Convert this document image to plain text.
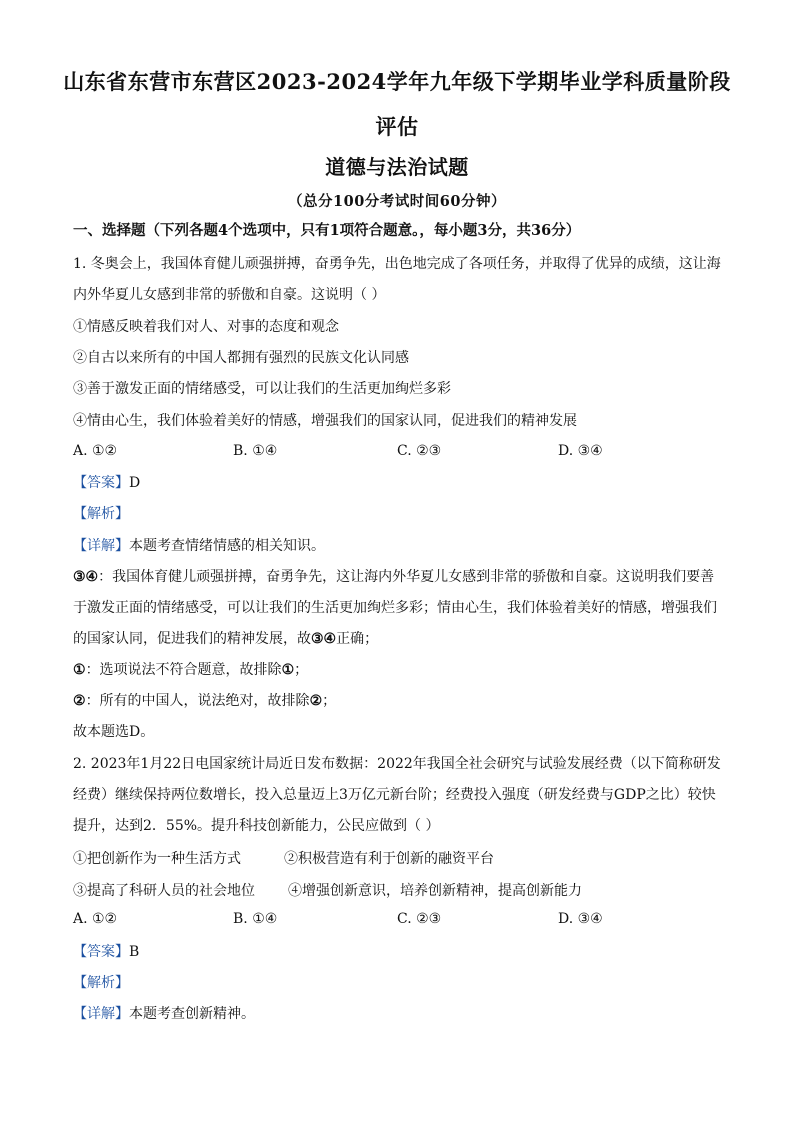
山东省东营市东营区2023-2024学年九年级下学期毕业学科质量阶段
评估
道德与法治试题
（总分100分考试时间60分钟）
一、选择题（下列各题4个选项中，只有1项符合题意。，每小题3分，共36分）
1. 冬奥会上，我国体育健儿顽强拼搏，奋勇争先，出色地完成了各项任务，并取得了优异的成绩，这让海
内外华夏儿女感到非常的骄傲和自豪。这说明（ ）
①情感反映着我们对人、对事的态度和观念
②自古以来所有的中国人都拥有强烈的民族文化认同感
③善于激发正面的情绪感受，可以让我们的生活更加绚烂多彩
④情由心生，我们体验着美好的情感，增强我们的国家认同，促进我们的精神发展
A. ①②	B. ①④	C. ②③	D. ③④
【答案】D
【解析】
【详解】本题考查情绪情感的相关知识。
③④：我国体育健儿顽强拼搏，奋勇争先，这让海内外华夏儿女感到非常的骄傲和自豪。这说明我们要善
于激发正面的情绪感受，可以让我们的生活更加绚烂多彩；情由心生，我们体验着美好的情感，增强我们
的国家认同，促进我们的精神发展，故③④正确；
①：选项说法不符合题意，故排除①；
②：所有的中国人，说法绝对，故排除②；
故本题选D。
2. 2023年1月22日电国家统计局近日发布数据：2022年我国全社会研究与试验发展经费（以下简称研发
经费）继续保持两位数增长，投入总量迈上3万亿元新台阶；经费投入强度（研发经费与GDP之比）较快
提升，达到2．55%。提升科技创新能力，公民应做到（ ）
①把创新作为一种生活方式	②积极营造有利于创新的融资平台
③提高了科研人员的社会地位 ④增强创新意识，培养创新精神，提高创新能力
A. ①②	B. ①④	C. ②③	D. ③④
【答案】B
【解析】
【详解】本题考查创新精神。
